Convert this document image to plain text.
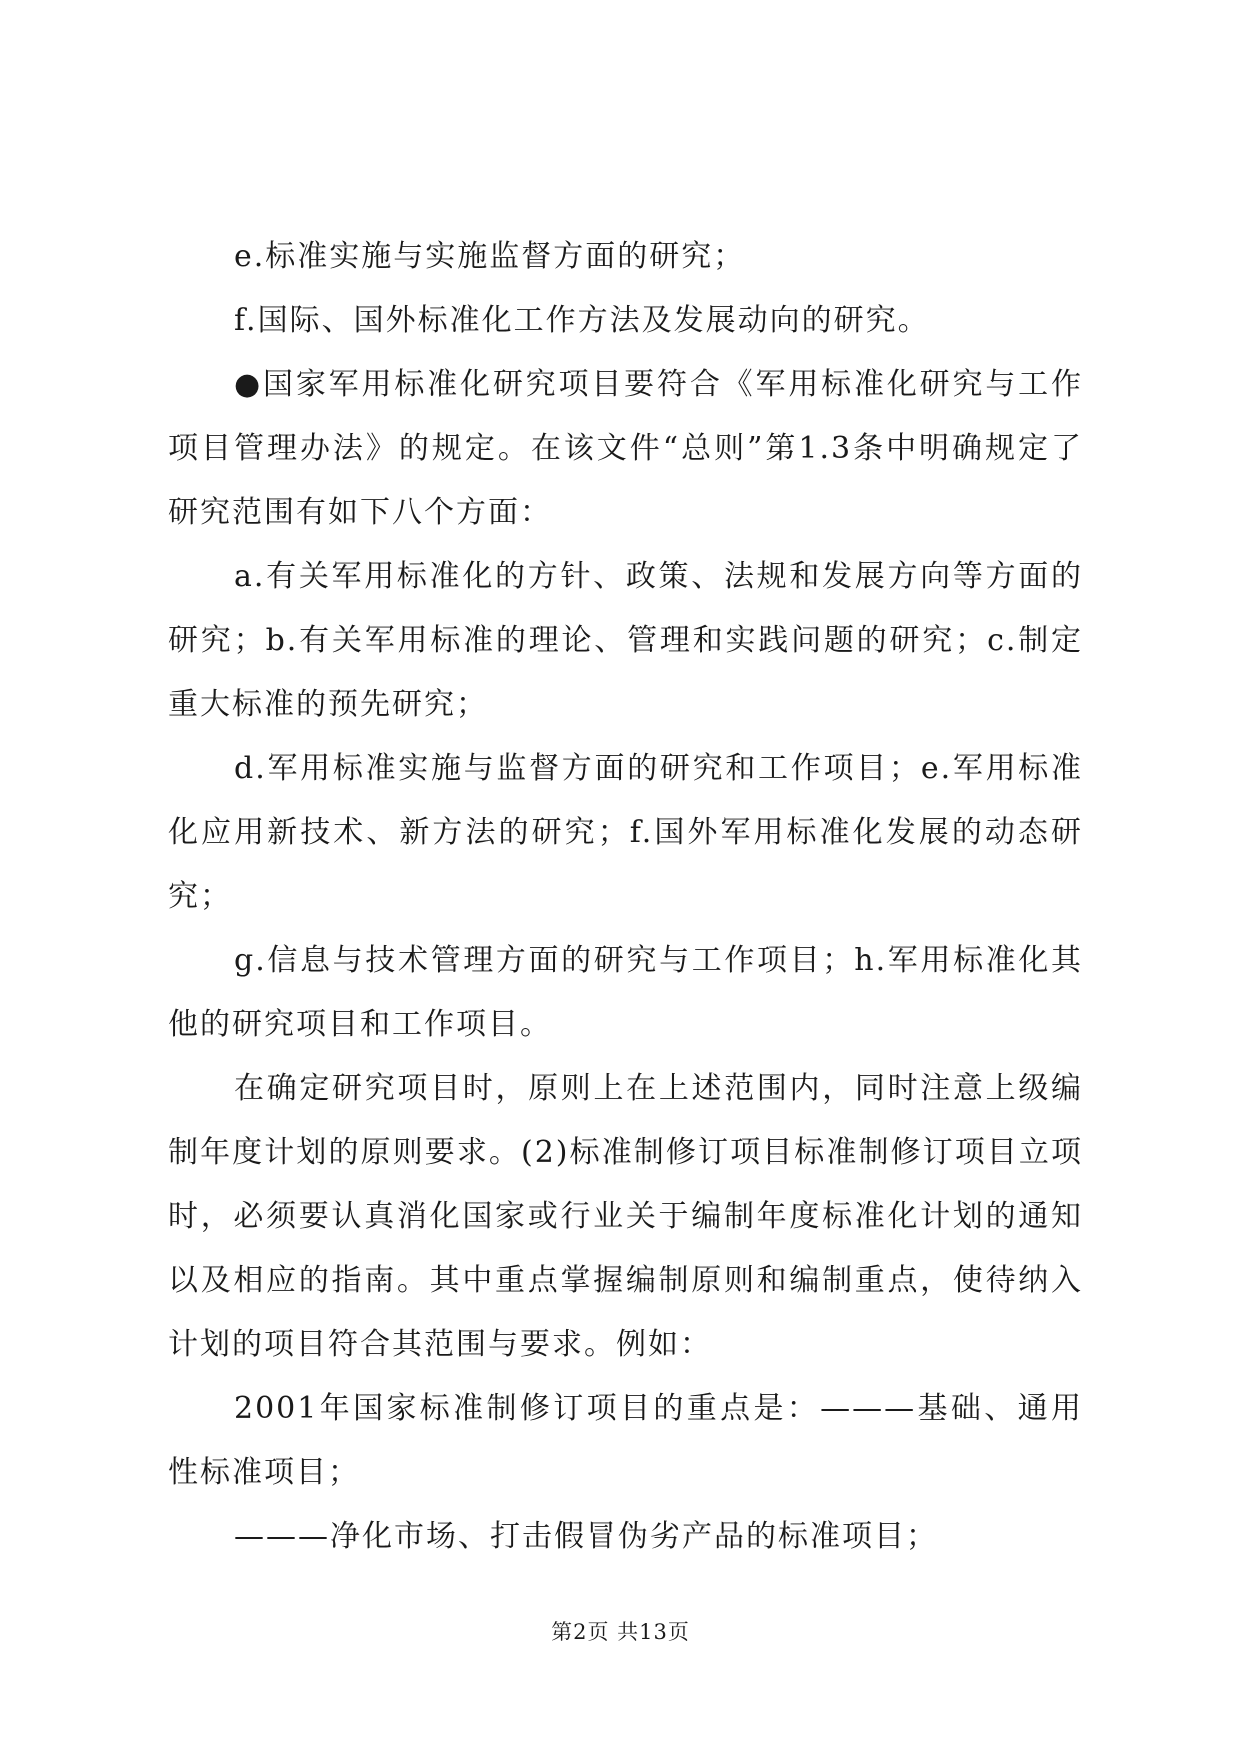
e.标准实施与实施监督方面的研究；

f.国际、国外标准化工作方法及发展动向的研究。

●国家军用标准化研究项目要符合《军用标准化研究与工作项目管理办法》的规定。在该文件“总则”第1.3条中明确规定了研究范围有如下八个方面：

a.有关军用标准化的方针、政策、法规和发展方向等方面的研究；b.有关军用标准的理论、管理和实践问题的研究；c.制定重大标准的预先研究；

d.军用标准实施与监督方面的研究和工作项目；e.军用标准化应用新技术、新方法的研究；f.国外军用标准化发展的动态研究；

g.信息与技术管理方面的研究与工作项目；h.军用标准化其他的研究项目和工作项目。

在确定研究项目时，原则上在上述范围内，同时注意上级编制年度计划的原则要求。(2)标准制修订项目标准制修订项目立项时，必须要认真消化国家或行业关于编制年度标准化计划的通知以及相应的指南。其中重点掌握编制原则和编制重点，使待纳入计划的项目符合其范围与要求。例如：

2001年国家标准制修订项目的重点是：———基础、通用性标准项目；

———净化市场、打击假冒伪劣产品的标准项目；

第2页 共13页
